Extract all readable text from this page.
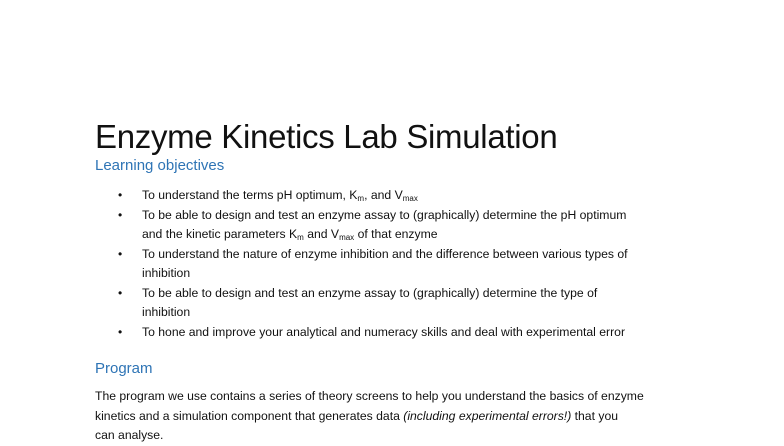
Enzyme Kinetics Lab Simulation
Learning objectives
• To understand the terms pH optimum, $K_m$, and $V_{max}$
• To be able to design and test an enzyme assay to (graphically) determine the pH optimum
and the kinetic parameters $K_m$ and $V_{max}$ of that enzyme
• To understand the nature of enzyme inhibition and the difference between various types of
inhibition
• To be able to design and test an enzyme assay to (graphically) determine the type of
inhibition
• To hone and improve your analytical and numeracy skills and deal with experimental error
Program
The program we use contains a series of theory screens to help you understand the basics of enzyme
kinetics and a simulation component that generates data (including experimental errors!) that you
can analyse.
